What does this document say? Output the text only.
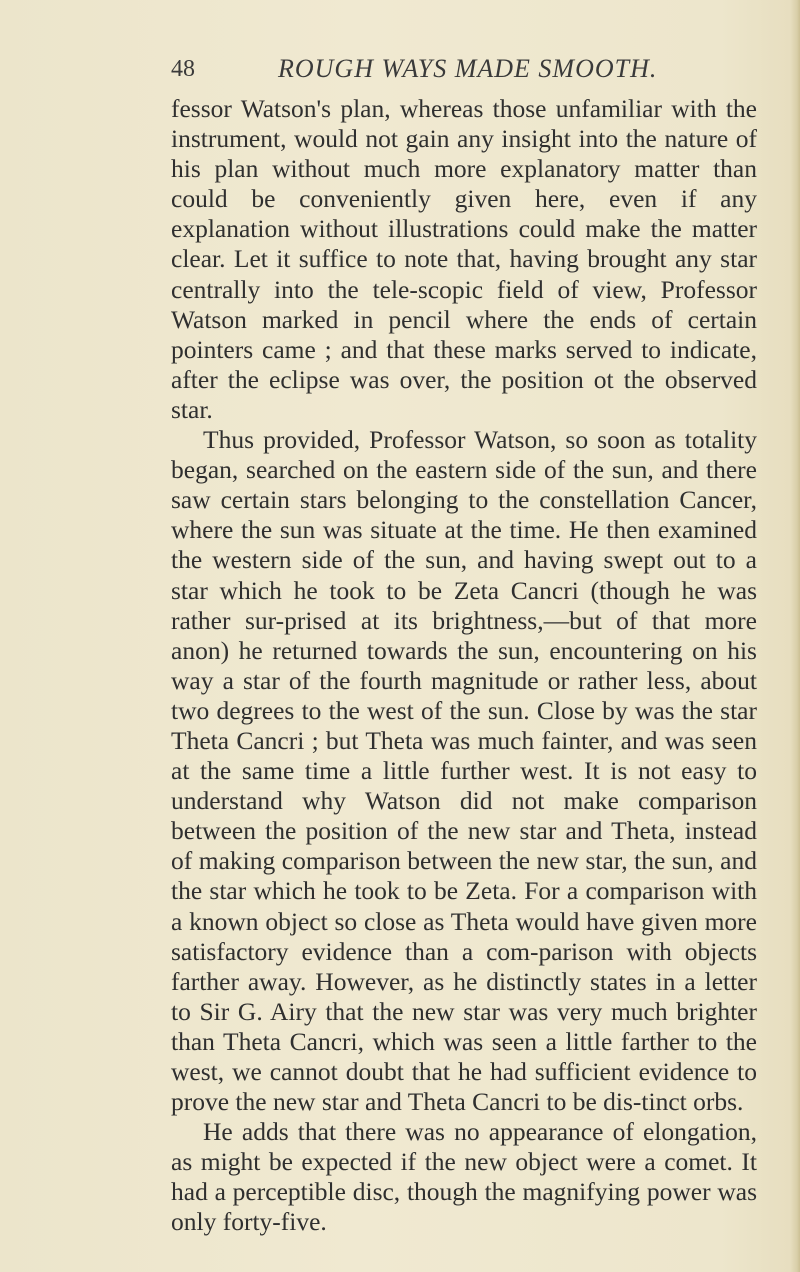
48	ROUGH WAYS MADE SMOOTH.

fessor Watson's plan, whereas those unfamiliar with the instrument, would not gain any insight into the nature of his plan without much more explanatory matter than could be conveniently given here, even if any explanation without illustrations could make the matter clear. Let it suffice to note that, having brought any star centrally into the tele-scopic field of view, Professor Watson marked in pencil where the ends of certain pointers came ; and that these marks served to indicate, after the eclipse was over, the position ot the observed star.

Thus provided, Professor Watson, so soon as totality began, searched on the eastern side of the sun, and there saw certain stars belonging to the constellation Cancer, where the sun was situate at the time. He then examined the western side of the sun, and having swept out to a star which he took to be Zeta Cancri (though he was rather sur-prised at its brightness,—but of that more anon) he returned towards the sun, encountering on his way a star of the fourth magnitude or rather less, about two degrees to the west of the sun. Close by was the star Theta Cancri ; but Theta was much fainter, and was seen at the same time a little further west. It is not easy to understand why Watson did not make comparison between the position of the new star and Theta, instead of making comparison between the new star, the sun, and the star which he took to be Zeta. For a comparison with a known object so close as Theta would have given more satisfactory evidence than a com-parison with objects farther away. However, as he distinctly states in a letter to Sir G. Airy that the new star was very much brighter than Theta Cancri, which was seen a little farther to the west, we cannot doubt that he had sufficient evidence to prove the new star and Theta Cancri to be dis-tinct orbs.

He adds that there was no appearance of elongation, as might be expected if the new object were a comet. It had a perceptible disc, though the magnifying power was only forty-five.
